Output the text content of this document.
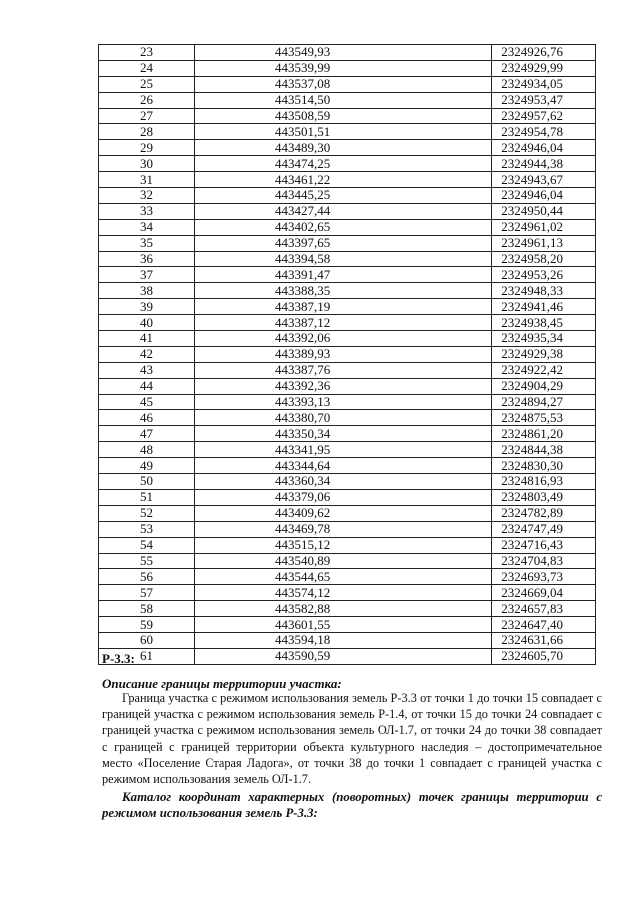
23	443549,93	2324926,76
24	443539,99	2324929,99
25	443537,08	2324934,05
26	443514,50	2324953,47
27	443508,59	2324957,62
28	443501,51	2324954,78
29	443489,30	2324946,04
30	443474,25	2324944,38
31	443461,22	2324943,67
32	443445,25	2324946,04
33	443427,44	2324950,44
34	443402,65	2324961,02
35	443397,65	2324961,13
36	443394,58	2324958,20
37	443391,47	2324953,26
38	443388,35	2324948,33
39	443387,19	2324941,46
40	443387,12	2324938,45
41	443392,06	2324935,34
42	443389,93	2324929,38
43	443387,76	2324922,42
44	443392,36	2324904,29
45	443393,13	2324894,27
46	443380,70	2324875,53
47	443350,34	2324861,20
48	443341,95	2324844,38
49	443344,64	2324830,30
50	443360,34	2324816,93
51	443379,06	2324803,49
52	443409,62	2324782,89
53	443469,78	2324747,49
54	443515,12	2324716,43
55	443540,89	2324704,83
56	443544,65	2324693,73
57	443574,12	2324669,04
58	443582,88	2324657,83
59	443601,55	2324647,40
60	443594,18	2324631,66
61	443590,59	2324605,70
Р-3.3:
Описание границы территории участка:

Граница участка с режимом использования земель Р-3.3 от точки 1 до точки 15 совпадает с границей участка с режимом использования земель Р-1.4, от точки 15 до точки 24 совпадает с границей участка с режимом использования земель ОЛ-1.7, от точки 24 до точки 38 совпадает с границей с границей территории объекта культурного наследия – достопримечательное место «Поселение Старая Ладога», от точки 38 до точки 1 совпадает с границей участка с режимом использования земель ОЛ-1.7.

Каталог координат характерных (поворотных) точек границы территории с режимом использования земель Р-3.3:
